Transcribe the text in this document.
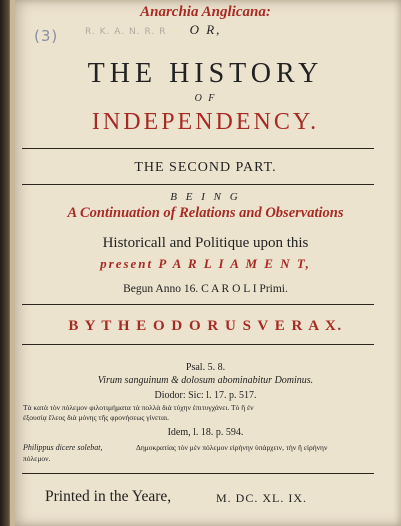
(3)	R. K. A. N. R. R
Anarchia Anglicana:
O R,
THE HISTORY
O F
INDEPENDENCY.
THE SECOND PART.
B E I N G
A Continuation of Relations and Observations
Historicall and Politique upon this
present P A R L I A M E N T,
Begun Anno 16. C A R O L I Primi.
B Y T H E O D O R U S V E R A X.
Psal. 5. 8.
Virum sanguinum & dolosum abominabitur Dominus.
Diodor: Sic: l. 17. p. 517.
Τὰ κατὰ τὸν πόλεμον φιλοτιμήματα τὰ πολλὰ διὰ τύχην ἐπιτυγχάνει. Τὸ ἢ ἐν
ἐξουσίᾳ ἔλεος διὰ μόνης τῆς φρονήσεως γίνεται.
Idem, l. 18. p. 594.
Philippus dicere solebat,	Δημοκρατίας τὸν μὲν πόλεμον εἰρήνην ὑπάρχειν, τὴν ἢ εἰρήνην
πόλεμον.
Printed in the Yeare,	M. DC. XL. IX.
